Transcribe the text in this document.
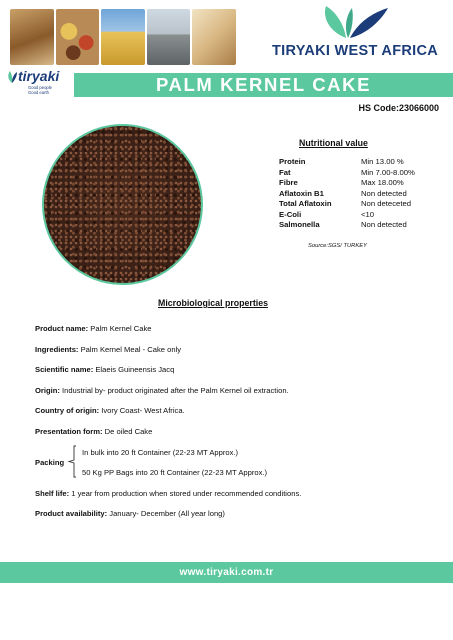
TIRYAKI WEST AFRICA
tiryaki
Good people
Good earth	PALM KERNEL CAKE
HS Code:23066000
Nutritional value
Protein	Min 13.00 %
Fat	Min 7.00-8.00%
Fibre	Max 18.00%
Aflatoxin B1	Non detected
Total Aflatoxin	Non deteceted
E-Coli	<10
Salmonella	Non detected
Source:SGS/ TURKEY
Microbiological properties
Product name: Palm Kernel Cake
Ingredients: Palm Kernel Meal - Cake only
Scientific name: Elaeis Guineensis Jacq
Origin: Industrial by- product originated after the Palm Kernel oil extraction.
Country of origin: Ivory Coast- West Africa.
Presentation form: De oiled Cake
Packing
In bulk into 20 ft Container (22-23 MT Approx.)
50 Kg PP Bags into 20 ft Container (22-23 MT Approx.)
Shelf life: 1 year from production when stored under recommended conditions.
Product availability: January- December (All year long)
www.tiryaki.com.tr
